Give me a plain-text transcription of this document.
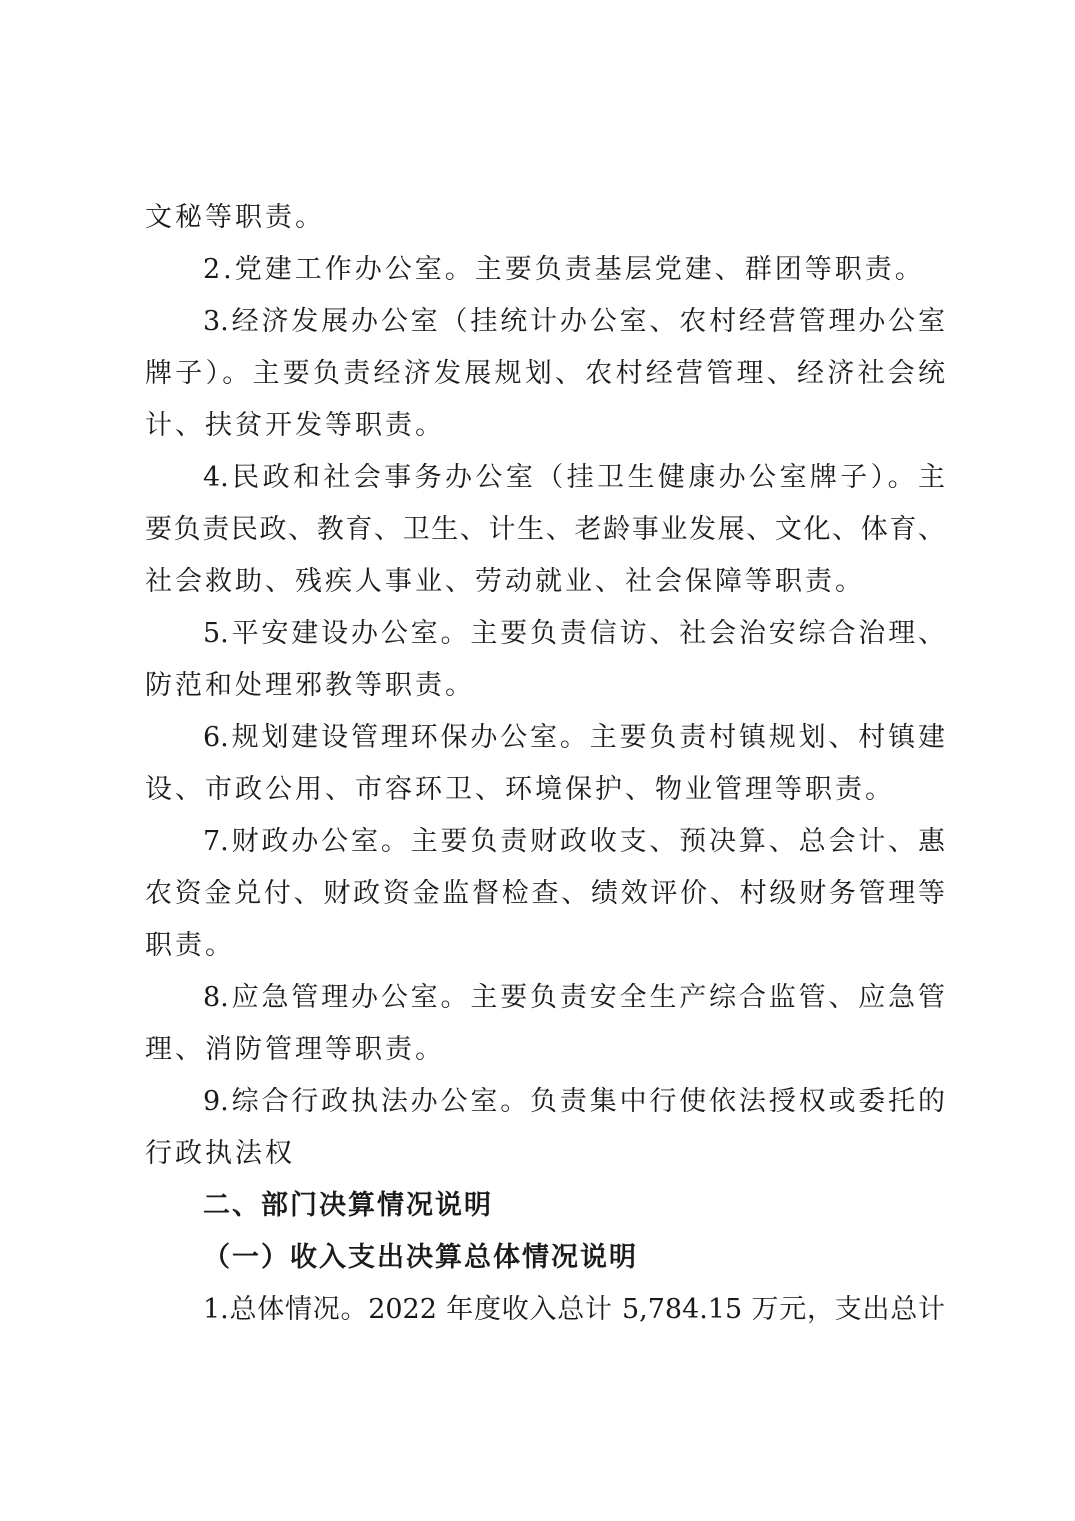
文秘等职责。
2.党建工作办公室。主要负责基层党建、群团等职责。
3.经济发展办公室（挂统计办公室、农村经营管理办公室
牌子）。主要负责经济发展规划、农村经营管理、经济社会统
计、扶贫开发等职责。
4.民政和社会事务办公室（挂卫生健康办公室牌子）。主
要负责民政、教育、卫生、计生、老龄事业发展、文化、体育、
社会救助、残疾人事业、劳动就业、社会保障等职责。
5.平安建设办公室。主要负责信访、社会治安综合治理、
防范和处理邪教等职责。
6.规划建设管理环保办公室。主要负责村镇规划、村镇建
设、市政公用、市容环卫、环境保护、物业管理等职责。
7.财政办公室。主要负责财政收支、预决算、总会计、惠
农资金兑付、财政资金监督检查、绩效评价、村级财务管理等
职责。
8.应急管理办公室。主要负责安全生产综合监管、应急管
理、消防管理等职责。
9.综合行政执法办公室。负责集中行使依法授权或委托的
行政执法权
二、部门决算情况说明
（一）收入支出决算总体情况说明
1.总体情况。2022 年度收入总计 5,784.15 万元，支出总计
